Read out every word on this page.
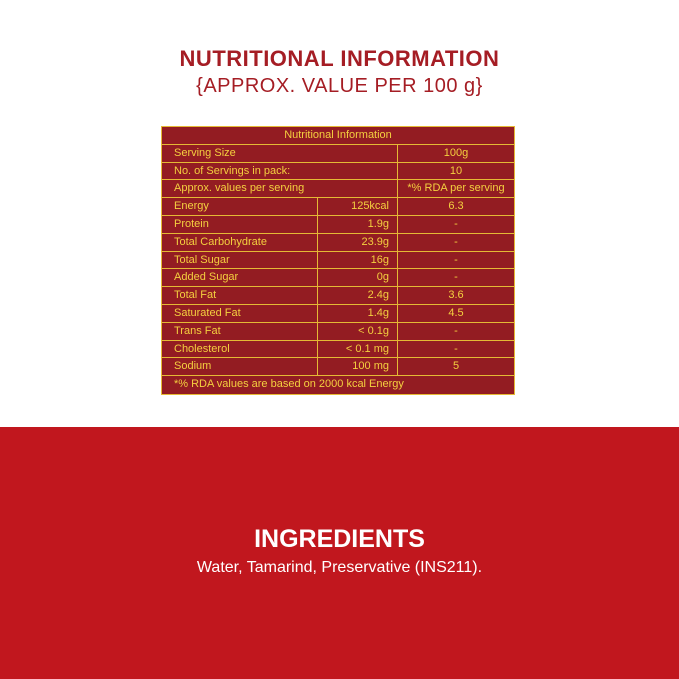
NUTRITIONAL INFORMATION
{APPROX. VALUE PER 100 g}
Nutritional Information
Serving Size	100g
No. of Servings in pack:	10
Approx. values per serving	*% RDA per serving
Energy	125kcal	6.3
Protein	1.9g	-
Total Carbohydrate	23.9g	-
Total Sugar	16g	-
Added Sugar	0g	-
Total Fat	2.4g	3.6
Saturated Fat	1.4g	4.5
Trans Fat	< 0.1g	-
Cholesterol	< 0.1 mg	-
Sodium	100 mg	5
*% RDA values are based on 2000 kcal Energy
INGREDIENTS
Water, Tamarind, Preservative (INS211).
